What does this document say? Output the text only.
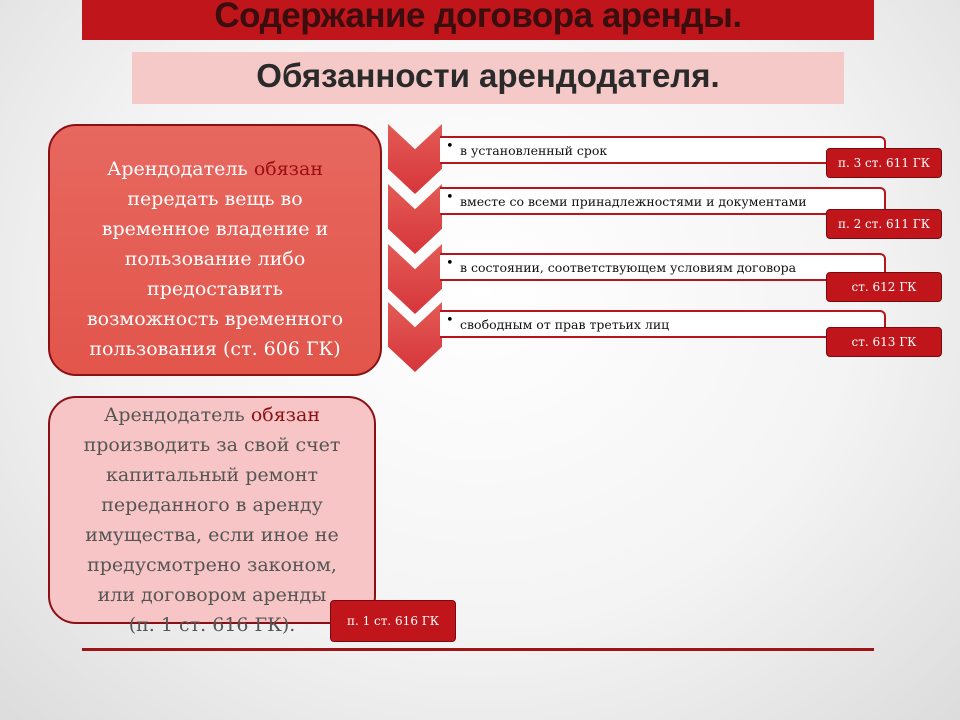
Содержание договора аренды.
Обязанности арендодателя.
Арендодатель обязан
передать вещь во
временное владение и
пользование либо
предоставить
возможность временного
пользования (ст. 606 ГК)
• в установленный срок
• вместе со всеми принадлежностями и документами
• в состоянии, соответствующем условиям договора
• свободным от прав третьих лиц
п. 3 ст. 611 ГК
п. 2 ст. 611 ГК
ст. 612 ГК
ст. 613 ГК
Арендодатель обязан
производить за свой счет
капитальный ремонт
переданного в аренду
имущества, если иное не
предусмотрено законом,
или договором аренды
(п. 1 ст. 616 ГК).	п. 1 ст. 616 ГК
